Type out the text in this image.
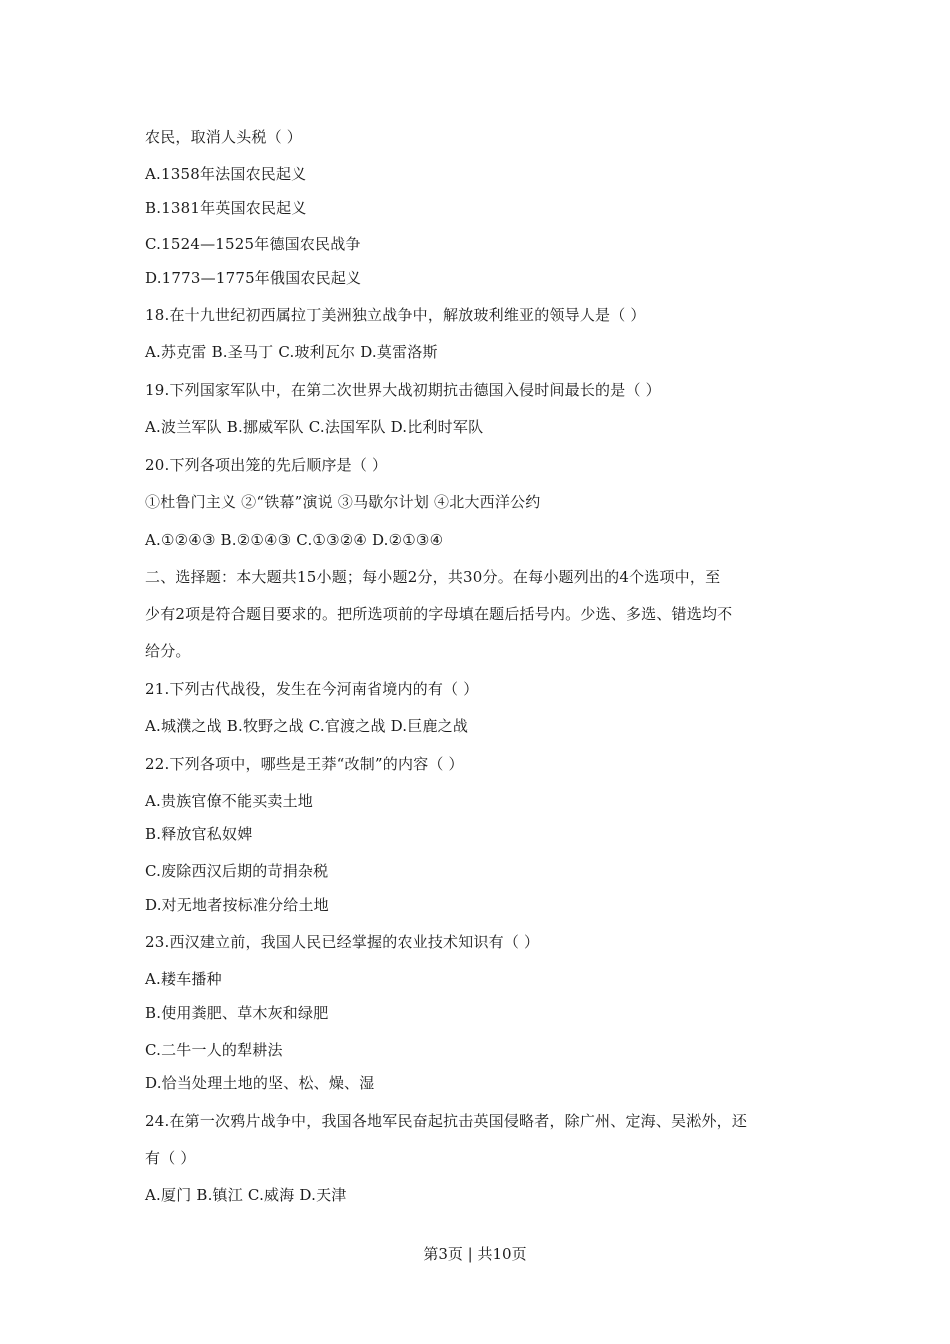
农民，取消人头税（ ）
A.1358年法国农民起义
B.1381年英国农民起义
C.1524—1525年德国农民战争
D.1773—1775年俄国农民起义
18.在十九世纪初西属拉丁美洲独立战争中，解放玻利维亚的领导人是（ ）
A.苏克雷 B.圣马丁 C.玻利瓦尔 D.莫雷洛斯
19.下列国家军队中，在第二次世界大战初期抗击德国入侵时间最长的是（ ）
A.波兰军队 B.挪威军队 C.法国军队 D.比利时军队
20.下列各项出笼的先后顺序是（ ）
①杜鲁门主义 ②“铁幕”演说 ③马歇尔计划 ④北大西洋公约
A.①②④③ B.②①④③ C.①③②④ D.②①③④
二、选择题：本大题共15小题；每小题2分，共30分。在每小题列出的4个选项中，至
少有2项是符合题目要求的。把所选项前的字母填在题后括号内。少选、多选、错选均不
给分。
21.下列古代战役，发生在今河南省境内的有（ ）
A.城濮之战 B.牧野之战 C.官渡之战 D.巨鹿之战
22.下列各项中，哪些是王莽“改制”的内容（ ）
A.贵族官僚不能买卖土地
B.释放官私奴婢
C.废除西汉后期的苛捐杂税
D.对无地者按标准分给土地
23.西汉建立前，我国人民已经掌握的农业技术知识有（ ）
A.耧车播种
B.使用粪肥、草木灰和绿肥
C.二牛一人的犁耕法
D.恰当处理土地的坚、松、燥、湿
24.在第一次鸦片战争中，我国各地军民奋起抗击英国侵略者，除广州、定海、吴淞外，还
有（ ）
A.厦门 B.镇江 C.威海 D.天津
第3页 | 共10页
